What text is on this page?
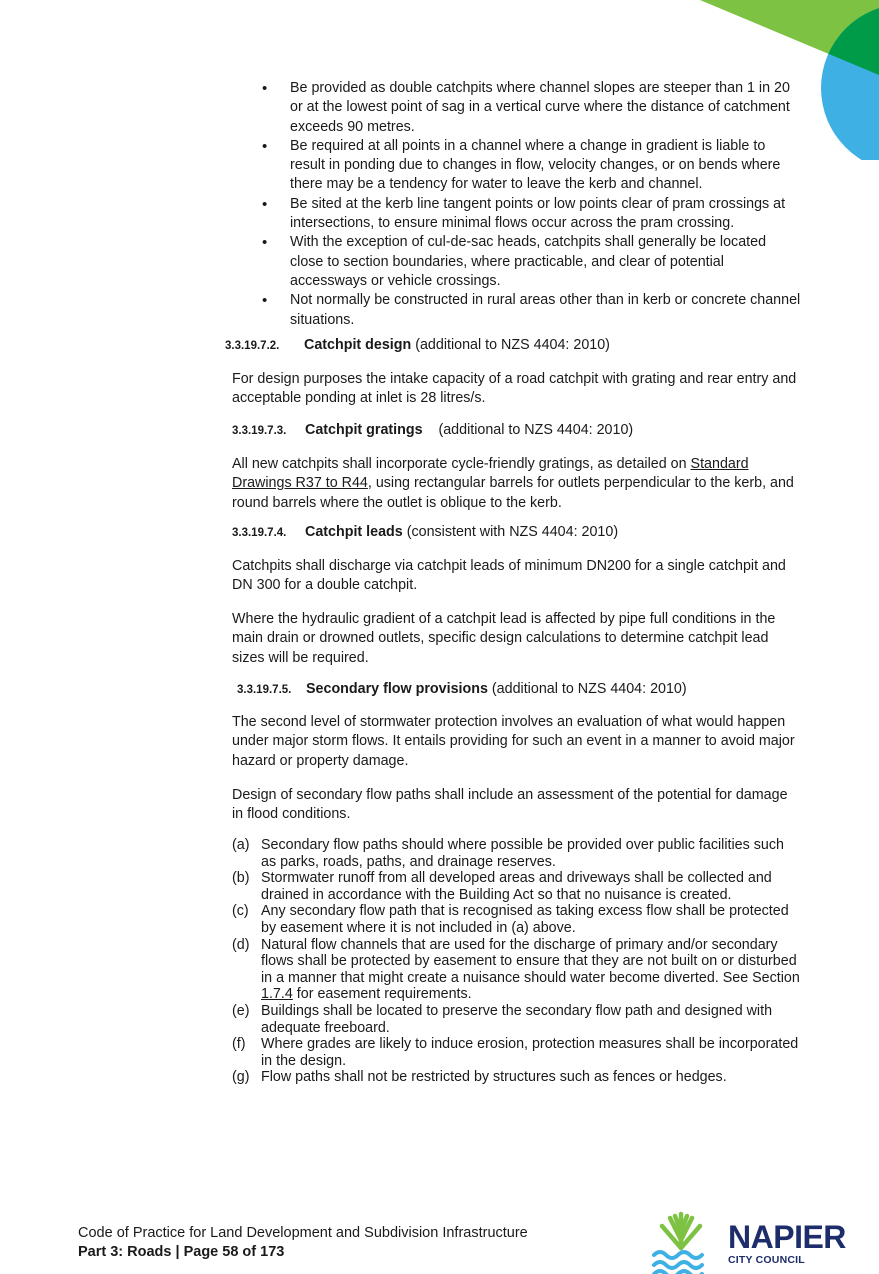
• Be provided as double catchpits where channel slopes are steeper than 1 in 20 or at the lowest point of sag in a vertical curve where the distance of catchment exceeds 90 metres.
• Be required at all points in a channel where a change in gradient is liable to result in ponding due to changes in flow, velocity changes, or on bends where there may be a tendency for water to leave the kerb and channel.
• Be sited at the kerb line tangent points or low points clear of pram crossings at intersections, to ensure minimal flows occur across the pram crossing.
• With the exception of cul-de-sac heads, catchpits shall generally be located close to section boundaries, where practicable, and clear of potential accessways or vehicle crossings.
• Not normally be constructed in rural areas other than in kerb or concrete channel situations.
3.3.19.7.2. Catchpit design (additional to NZS 4404: 2010)

For design purposes the intake capacity of a road catchpit with grating and rear entry and acceptable ponding at inlet is 28 litres/s.

3.3.19.7.3. Catchpit gratings (additional to NZS 4404: 2010)

All new catchpits shall incorporate cycle-friendly gratings, as detailed on Standard Drawings R37 to R44, using rectangular barrels for outlets perpendicular to the kerb, and round barrels where the outlet is oblique to the kerb.

3.3.19.7.4. Catchpit leads (consistent with NZS 4404: 2010)

Catchpits shall discharge via catchpit leads of minimum DN200 for a single catchpit and DN 300 for a double catchpit.

Where the hydraulic gradient of a catchpit lead is affected by pipe full conditions in the main drain or drowned outlets, specific design calculations to determine catchpit lead sizes will be required.

3.3.19.7.5. Secondary flow provisions (additional to NZS 4404: 2010)

The second level of stormwater protection involves an evaluation of what would happen under major storm flows. It entails providing for such an event in a manner to avoid major hazard or property damage.

Design of secondary flow paths shall include an assessment of the potential for damage in flood conditions.

(a) Secondary flow paths should where possible be provided over public facilities such as parks, roads, paths, and drainage reserves.
(b) Stormwater runoff from all developed areas and driveways shall be collected and drained in accordance with the Building Act so that no nuisance is created.
(c) Any secondary flow path that is recognised as taking excess flow shall be protected by easement where it is not included in (a) above.
(d) Natural flow channels that are used for the discharge of primary and/or secondary flows shall be protected by easement to ensure that they are not built on or disturbed in a manner that might create a nuisance should water become diverted. See Section 1.7.4 for easement requirements.
(e) Buildings shall be located to preserve the secondary flow path and designed with adequate freeboard.
(f) Where grades are likely to induce erosion, protection measures shall be incorporated in the design.
(g) Flow paths shall not be restricted by structures such as fences or hedges.
Code of Practice for Land Development and Subdivision Infrastructure
Part 3: Roads | Page 58 of 173	NAPIER
CITY COUNCIL
